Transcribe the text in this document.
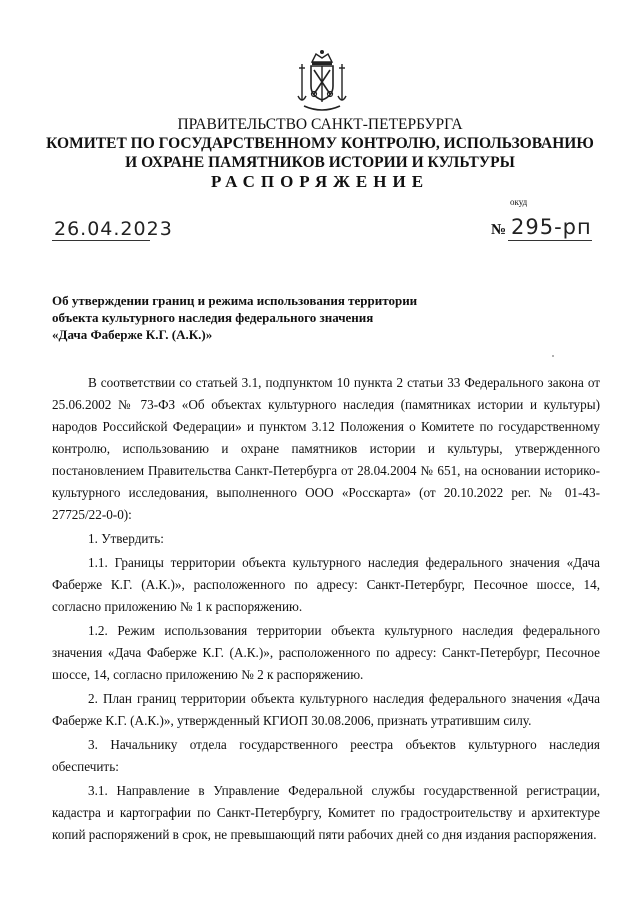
ПРАВИТЕЛЬСТВО САНКТ-ПЕТЕРБУРГА
КОМИТЕТ ПО ГОСУДАРСТВЕННОМУ КОНТРОЛЮ, ИСПОЛЬЗОВАНИЮ
И ОХРАНЕ ПАМЯТНИКОВ ИСТОРИИ И КУЛЬТУРЫ
РАСПОРЯЖЕНИЕ
окуд
26.04.2023	№ 295-рп
Об утверждении границ и режима использования территории
объекта культурного наследия федерального значения
«Дача Фаберже К.Г. (А.К.)»

В соответствии со статьей 3.1, подпунктом 10 пункта 2 статьи 33 Федерального закона от 25.06.2002 № 73-ФЗ «Об объектах культурного наследия (памятниках истории и культуры) народов Российской Федерации» и пунктом 3.12 Положения о Комитете по государственному контролю, использованию и охране памятников истории и культуры, утвержденного постановлением Правительства Санкт-Петербурга от 28.04.2004 № 651, на основании историко-культурного исследования, выполненного ООО «Росскарта» (от 20.10.2022 рег. № 01-43-27725/22-0-0):

1. Утвердить:

1.1. Границы территории объекта культурного наследия федерального значения «Дача Фаберже К.Г. (А.К.)», расположенного по адресу: Санкт-Петербург, Песочное шоссе, 14, согласно приложению № 1 к распоряжению.

1.2. Режим использования территории объекта культурного наследия федерального значения «Дача Фаберже К.Г. (А.К.)», расположенного по адресу: Санкт-Петербург, Песочное шоссе, 14, согласно приложению № 2 к распоряжению.

2. План границ территории объекта культурного наследия федерального значения «Дача Фаберже К.Г. (А.К.)», утвержденный КГИОП 30.08.2006, признать утратившим силу.

3. Начальнику отдела государственного реестра объектов культурного наследия обеспечить:

3.1. Направление в Управление Федеральной службы государственной регистрации, кадастра и картографии по Санкт-Петербургу, Комитет по градостроительству и архитектуре копий распоряжений в срок, не превышающий пяти рабочих дней со дня издания распоряжения.
